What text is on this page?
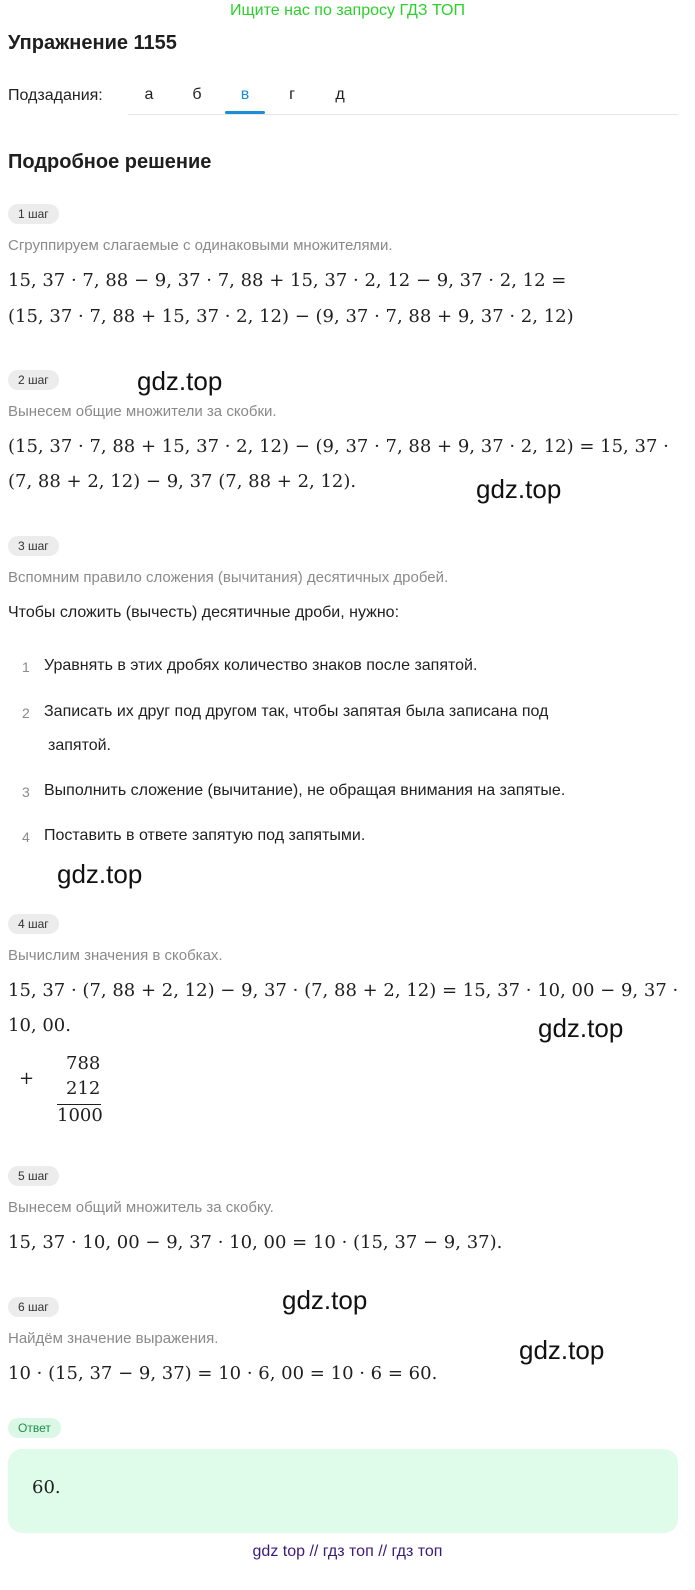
Ищите нас по запросу ГДЗ ТОП
Упражнение 1155
Подзадания:	а	б	в	г	д
Подробное решение
1 шаг
Сгруппируем слагаемые с одинаковыми множителями.
15, 37 · 7, 88 − 9, 37 · 7, 88 + 15, 37 · 2, 12 − 9, 37 · 2, 12 =
(15, 37 · 7, 88 + 15, 37 · 2, 12) − (9, 37 · 7, 88 + 9, 37 · 2, 12)
2 шаг	gdz.top
Вынесем общие множители за скобки.
(15, 37 · 7, 88 + 15, 37 · 2, 12) − (9, 37 · 7, 88 + 9, 37 · 2, 12) = 15, 37 ·
(7, 88 + 2, 12) − 9, 37 (7, 88 + 2, 12).	gdz.top
3 шаг
Вспомним правило сложения (вычитания) десятичных дробей.
Чтобы сложить (вычесть) десятичные дроби, нужно:
1 Уравнять в этих дробях количество знаков после запятой.
2 Записать их друг под другом так, чтобы запятая была записана под
запятой.
3 Выполнить сложение (вычитание), не обращая внимания на запятые.
4 Поставить в ответе запятую под запятыми.
gdz.top
4 шаг
Вычислим значения в скобках.
15, 37 · (7, 88 + 2, 12) − 9, 37 · (7, 88 + 2, 12) = 15, 37 · 10, 00 − 9, 37 ·
10, 00.	gdz.top
+
788
212
1000
5 шаг
Вынесем общий множитель за скобку.
15, 37 · 10, 00 − 9, 37 · 10, 00 = 10 · (15, 37 − 9, 37).
gdz.top
6 шаг
Найдём значение выражения.	gdz.top
10 · (15, 37 − 9, 37) = 10 · 6, 00 = 10 · 6 = 60.
Ответ
60.
gdz top // гдз топ // гдз топ
